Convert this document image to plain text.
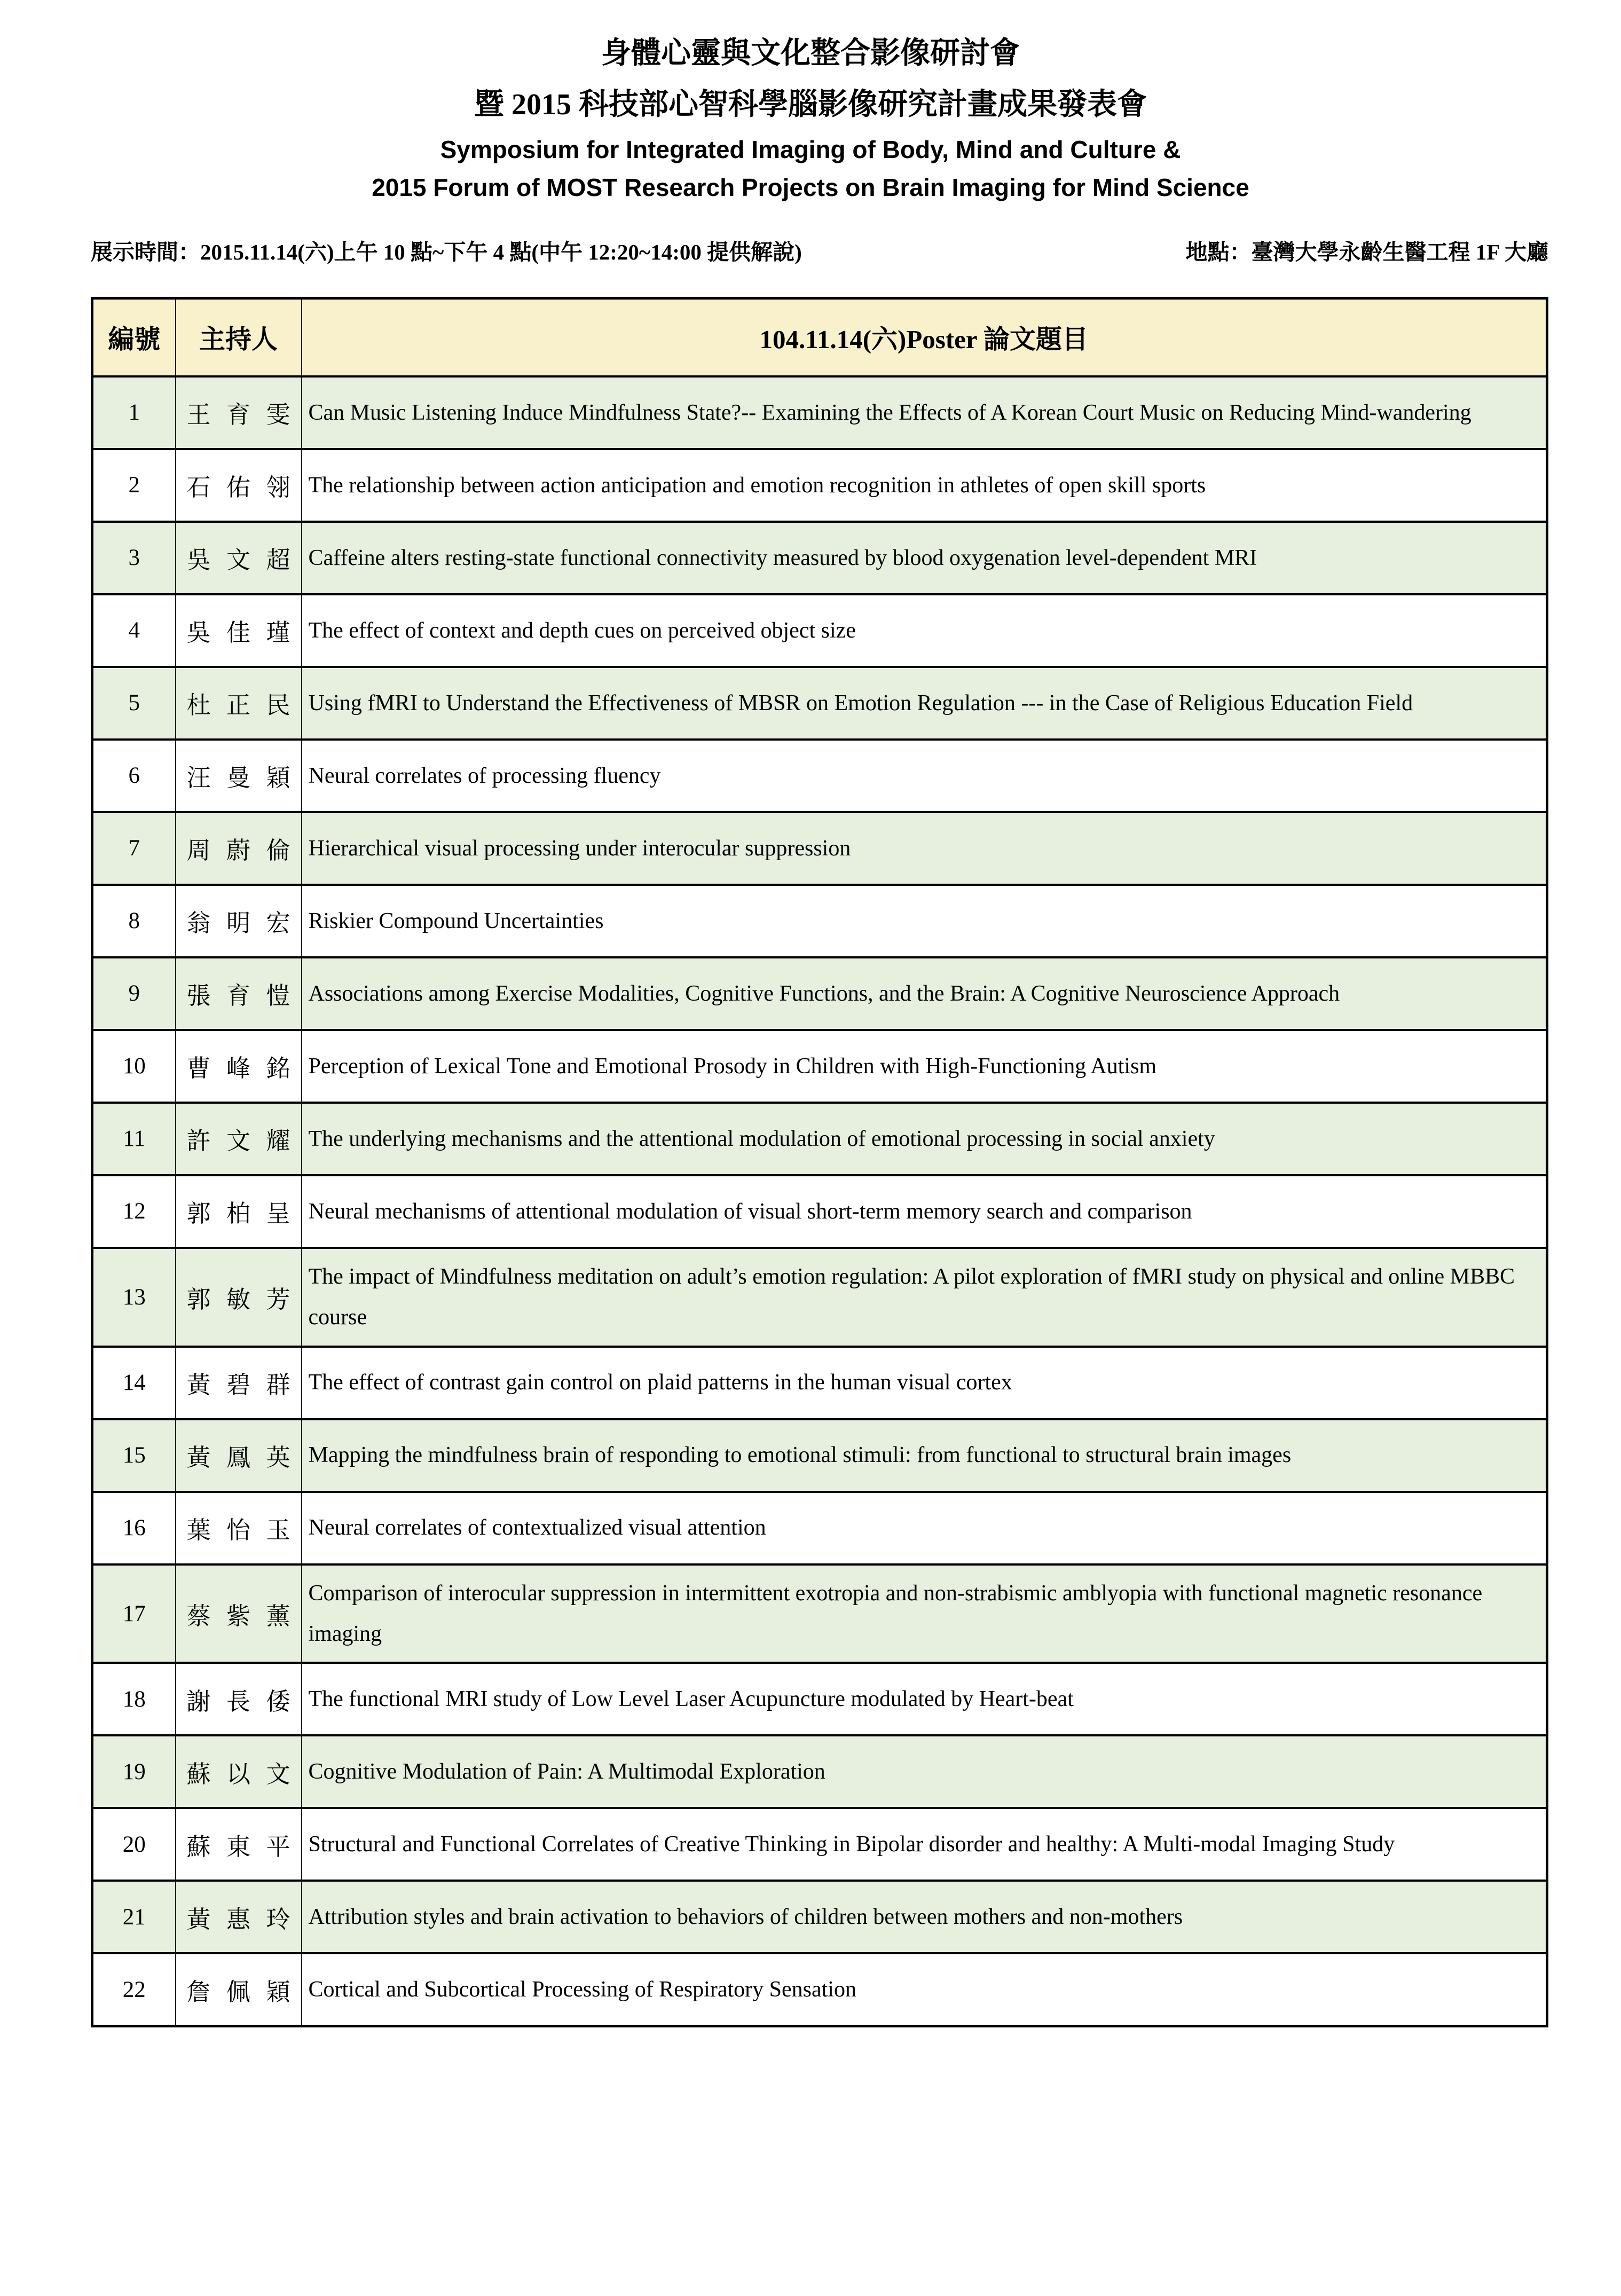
身體心靈與文化整合影像研討會
暨 2015 科技部心智科學腦影像研究計畫成果發表會
Symposium for Integrated Imaging of Body, Mind and Culture &
2015 Forum of MOST Research Projects on Brain Imaging for Mind Science
展示時間：2015.11.14(六)上午 10 點~下午 4 點(中午 12:20~14:00 提供解說)	地點：臺灣大學永齡生醫工程 1F 大廳
編號	主持人	104.11.14(六)Poster 論文題目
1	王育雯	Can Music Listening Induce Mindfulness State?-- Examining the Effects of A Korean Court Music on Reducing Mind-wandering
2	石佑翎	The relationship between action anticipation and emotion recognition in athletes of open skill sports
3	吳文超	Caffeine alters resting-state functional connectivity measured by blood oxygenation level-dependent MRI
4	吳佳瑾	The effect of context and depth cues on perceived object size
5	杜正民	Using fMRI to Understand the Effectiveness of MBSR on Emotion Regulation --- in the Case of Religious Education Field
6	汪曼穎	Neural correlates of processing fluency
7	周蔚倫	Hierarchical visual processing under interocular suppression
8	翁明宏	Riskier Compound Uncertainties
9	張育愷	Associations among Exercise Modalities, Cognitive Functions, and the Brain: A Cognitive Neuroscience Approach
10	曹峰銘	Perception of Lexical Tone and Emotional Prosody in Children with High-Functioning Autism
11	許文耀	The underlying mechanisms and the attentional modulation of emotional processing in social anxiety
12	郭柏呈	Neural mechanisms of attentional modulation of visual short-term memory search and comparison
13	郭敏芳	The impact of Mindfulness meditation on adult’s emotion regulation: A pilot exploration of fMRI study on physical and online MBBC course
14	黃碧群	The effect of contrast gain control on plaid patterns in the human visual cortex
15	黃鳳英	Mapping the mindfulness brain of responding to emotional stimuli: from functional to structural brain images
16	葉怡玉	Neural correlates of contextualized visual attention
17	蔡紫薰	Comparison of interocular suppression in intermittent exotropia and non-strabismic amblyopia with functional magnetic resonance imaging
18	謝長倭	The functional MRI study of Low Level Laser Acupuncture modulated by Heart-beat
19	蘇以文	Cognitive Modulation of Pain: A Multimodal Exploration
20	蘇東平	Structural and Functional Correlates of Creative Thinking in Bipolar disorder and healthy: A Multi-modal Imaging Study
21	黃惠玲	Attribution styles and brain activation to behaviors of children between mothers and non-mothers
22	詹佩穎	Cortical and Subcortical Processing of Respiratory Sensation
